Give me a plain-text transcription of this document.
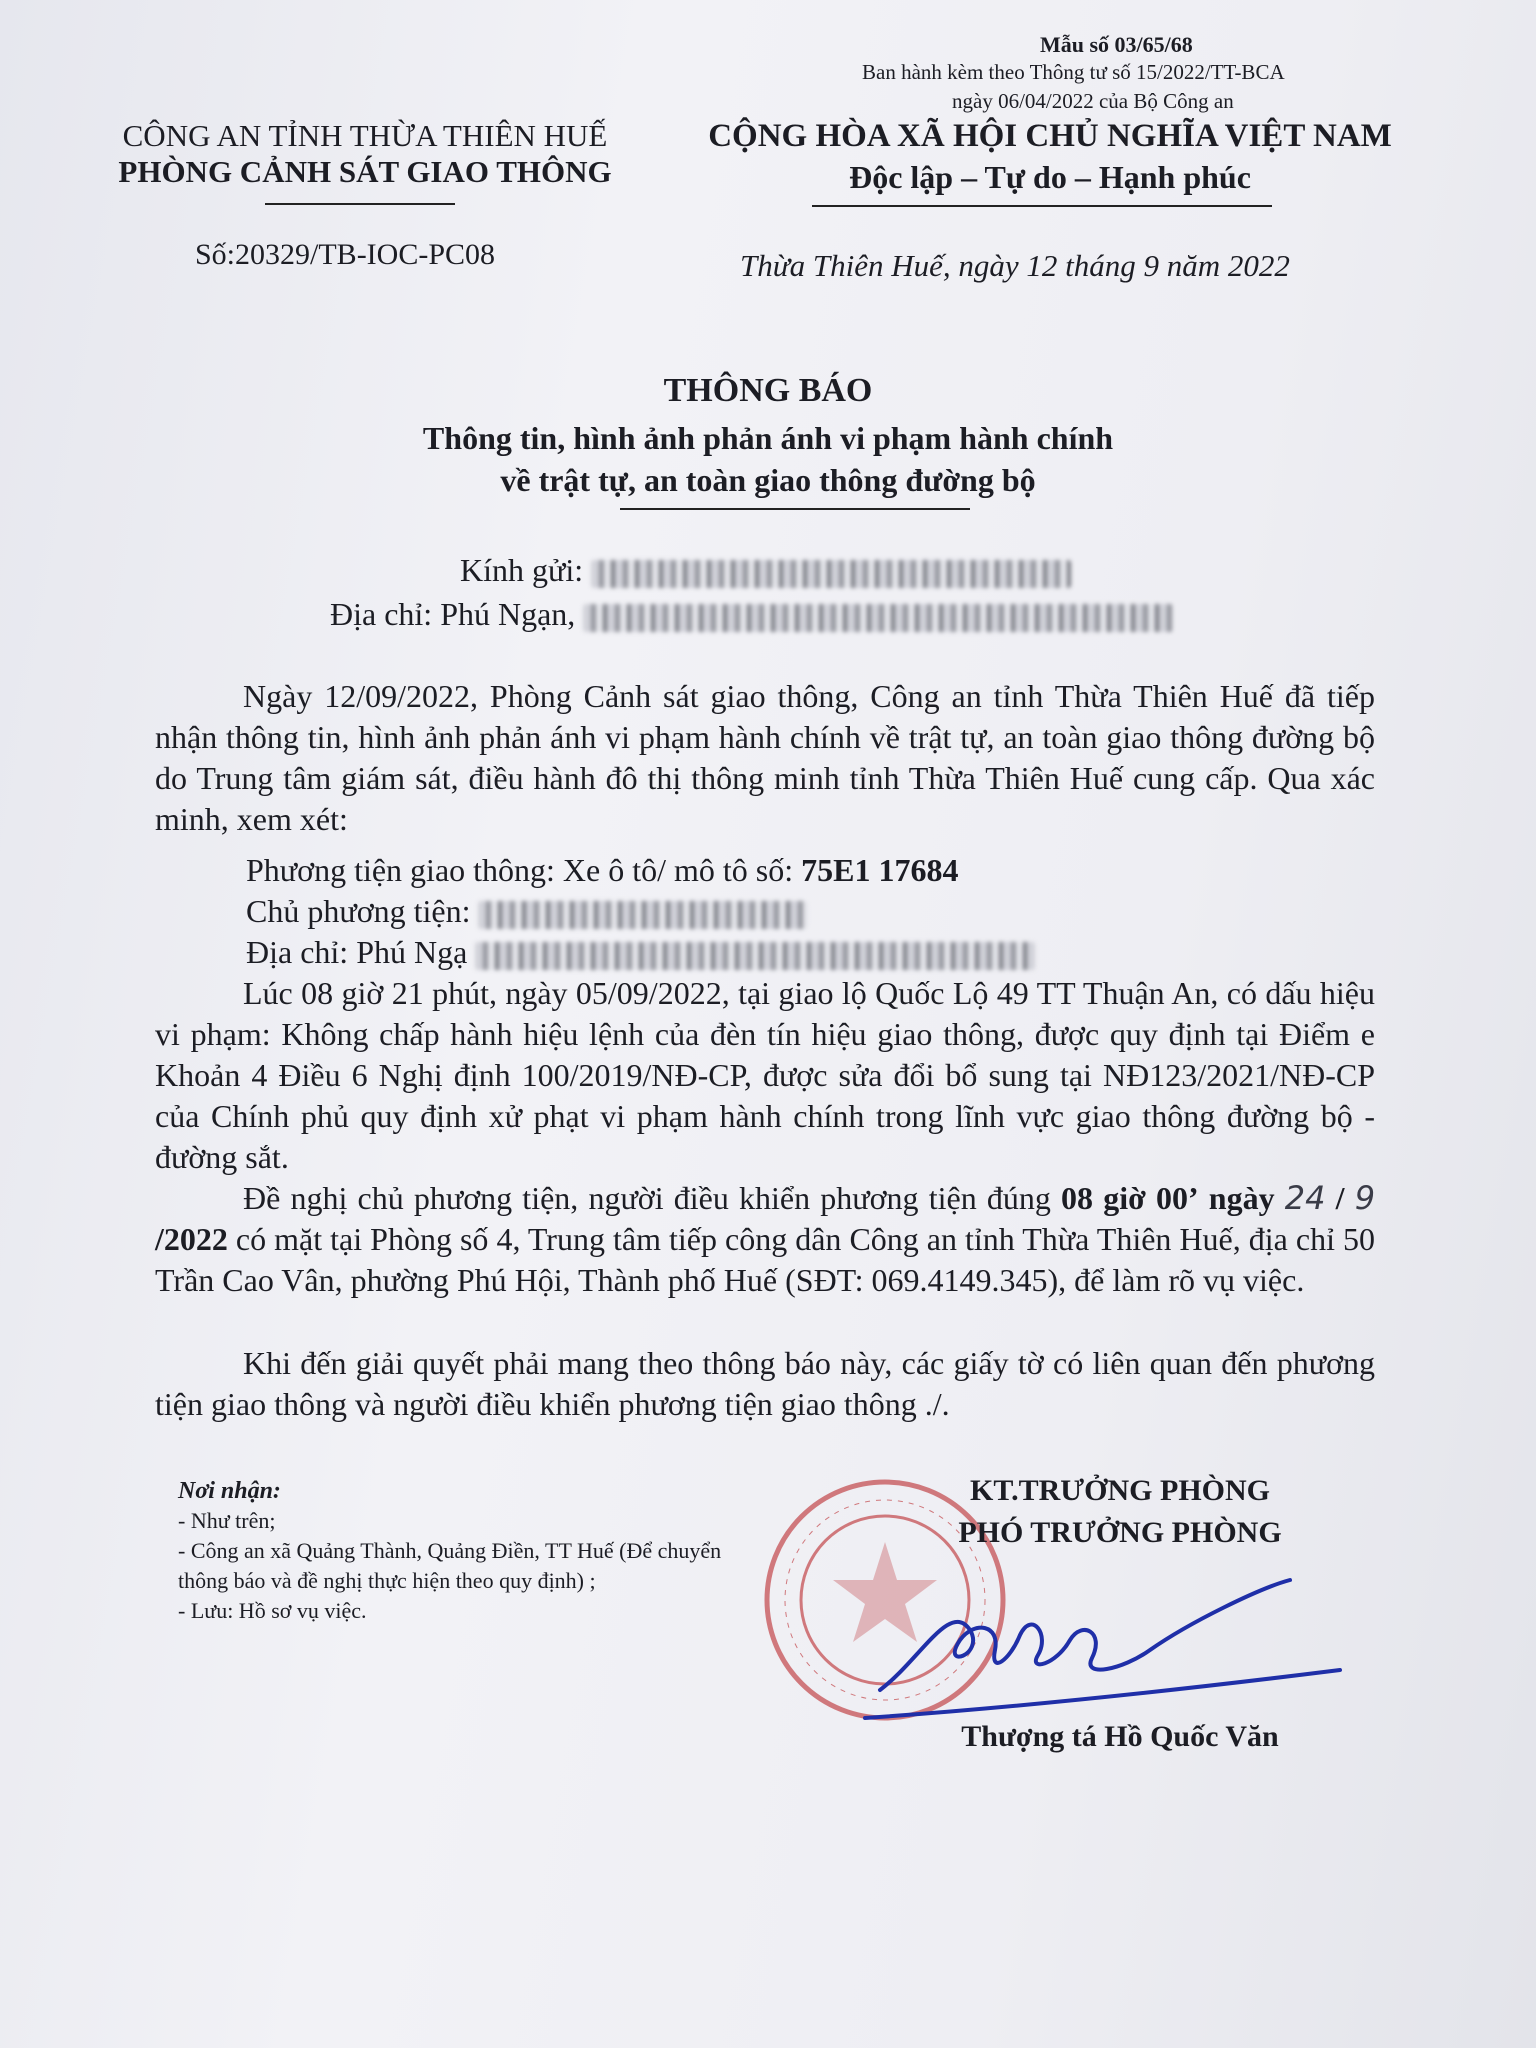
Mẫu số 03/65/68
Ban hành kèm theo Thông tư số 15/2022/TT-BCA
ngày 06/04/2022 của Bộ Công an
CÔNG AN TỈNH THỪA THIÊN HUẾ
PHÒNG CẢNH SÁT GIAO THÔNG
CỘNG HÒA XÃ HỘI CHỦ NGHĨA VIỆT NAM
Độc lập – Tự do – Hạnh phúc
Số:20329/TB-IOC-PC08	Thừa Thiên Huế, ngày 12 tháng 9 năm 2022
THÔNG BÁO
Thông tin, hình ảnh phản ánh vi phạm hành chính
về trật tự, an toàn giao thông đường bộ
Kính gửi:
Địa chỉ: Phú Ngạn,
Ngày 12/09/2022, Phòng Cảnh sát giao thông, Công an tỉnh Thừa Thiên Huế đã tiếp nhận thông tin, hình ảnh phản ánh vi phạm hành chính về trật tự, an toàn giao thông đường bộ do Trung tâm giám sát, điều hành đô thị thông minh tỉnh Thừa Thiên Huế cung cấp. Qua xác minh, xem xét:
Phương tiện giao thông: Xe ô tô/ mô tô số: 75E1 17684
Chủ phương tiện:
Địa chỉ: Phú Ngạ
Lúc 08 giờ 21 phút, ngày 05/09/2022, tại giao lộ Quốc Lộ 49 TT Thuận An, có dấu hiệu vi phạm: Không chấp hành hiệu lệnh của đèn tín hiệu giao thông, được quy định tại Điểm e Khoản 4 Điều 6 Nghị định 100/2019/NĐ-CP, được sửa đổi bổ sung tại NĐ123/2021/NĐ-CP của Chính phủ quy định xử phạt vi phạm hành chính trong lĩnh vực giao thông đường bộ - đường sắt.
Đề nghị chủ phương tiện, người điều khiển phương tiện đúng 08 giờ 00’ ngày 24 / 9 /2022 có mặt tại Phòng số 4, Trung tâm tiếp công dân Công an tỉnh Thừa Thiên Huế, địa chỉ 50 Trần Cao Vân, phường Phú Hội, Thành phố Huế (SĐT: 069.4149.345), để làm rõ vụ việc.
Khi đến giải quyết phải mang theo thông báo này, các giấy tờ có liên quan đến phương tiện giao thông và người điều khiển phương tiện giao thông ./.
Nơi nhận:
- Như trên;
- Công an xã Quảng Thành, Quảng Điền, TT Huế (Để chuyển thông báo và đề nghị thực hiện theo quy định) ;
- Lưu: Hồ sơ vụ việc.
KT.TRƯỞNG PHÒNG
PHÓ TRƯỞNG PHÒNG
Thượng tá Hồ Quốc Văn
